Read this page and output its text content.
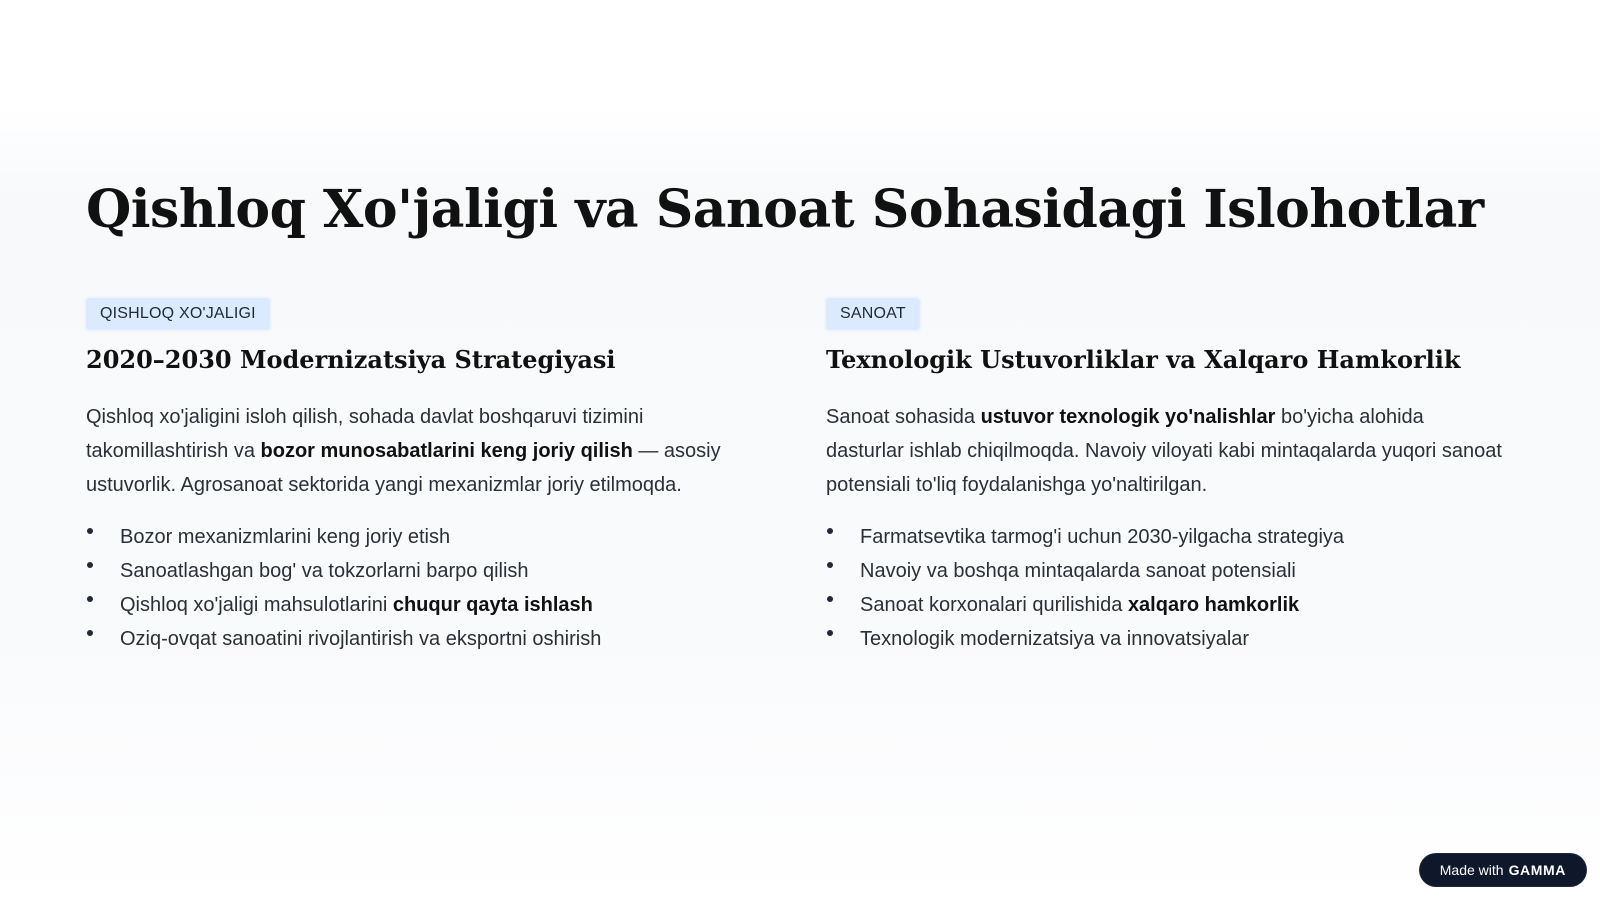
Qishloq Xo'jaligi va Sanoat Sohasidagi Islohotlar
QISHLOQ XO'JALIGI
2020–2030 Modernizatsiya Strategiyasi

Qishloq xo'jaligini isloh qilish, sohada davlat boshqaruvi tizimini takomillashtirish va bozor munosabatlarini keng joriy qilish — asosiy ustuvorlik. Agrosanoat sektorida yangi mexanizmlar joriy etilmoqda.

Bozor mexanizmlarini keng joriy etish
Sanoatlashgan bog' va tokzorlarni barpo qilish
Qishloq xo'jaligi mahsulotlarini chuqur qayta ishlash
Oziq-ovqat sanoatini rivojlantirish va eksportni oshirish
SANOAT
Texnologik Ustuvorliklar va Xalqaro Hamkorlik

Sanoat sohasida ustuvor texnologik yo'nalishlar bo'yicha alohida dasturlar ishlab chiqilmoqda. Navoiy viloyati kabi mintaqalarda yuqori sanoat potensiali to'liq foydalanishga yo'naltirilgan.

Farmatsevtika tarmog'i uchun 2030-yilgacha strategiya
Navoiy va boshqa mintaqalarda sanoat potensiali
Sanoat korxonalari qurilishida xalqaro hamkorlik
Texnologik modernizatsiya va innovatsiyalar
Made with GAMMA
